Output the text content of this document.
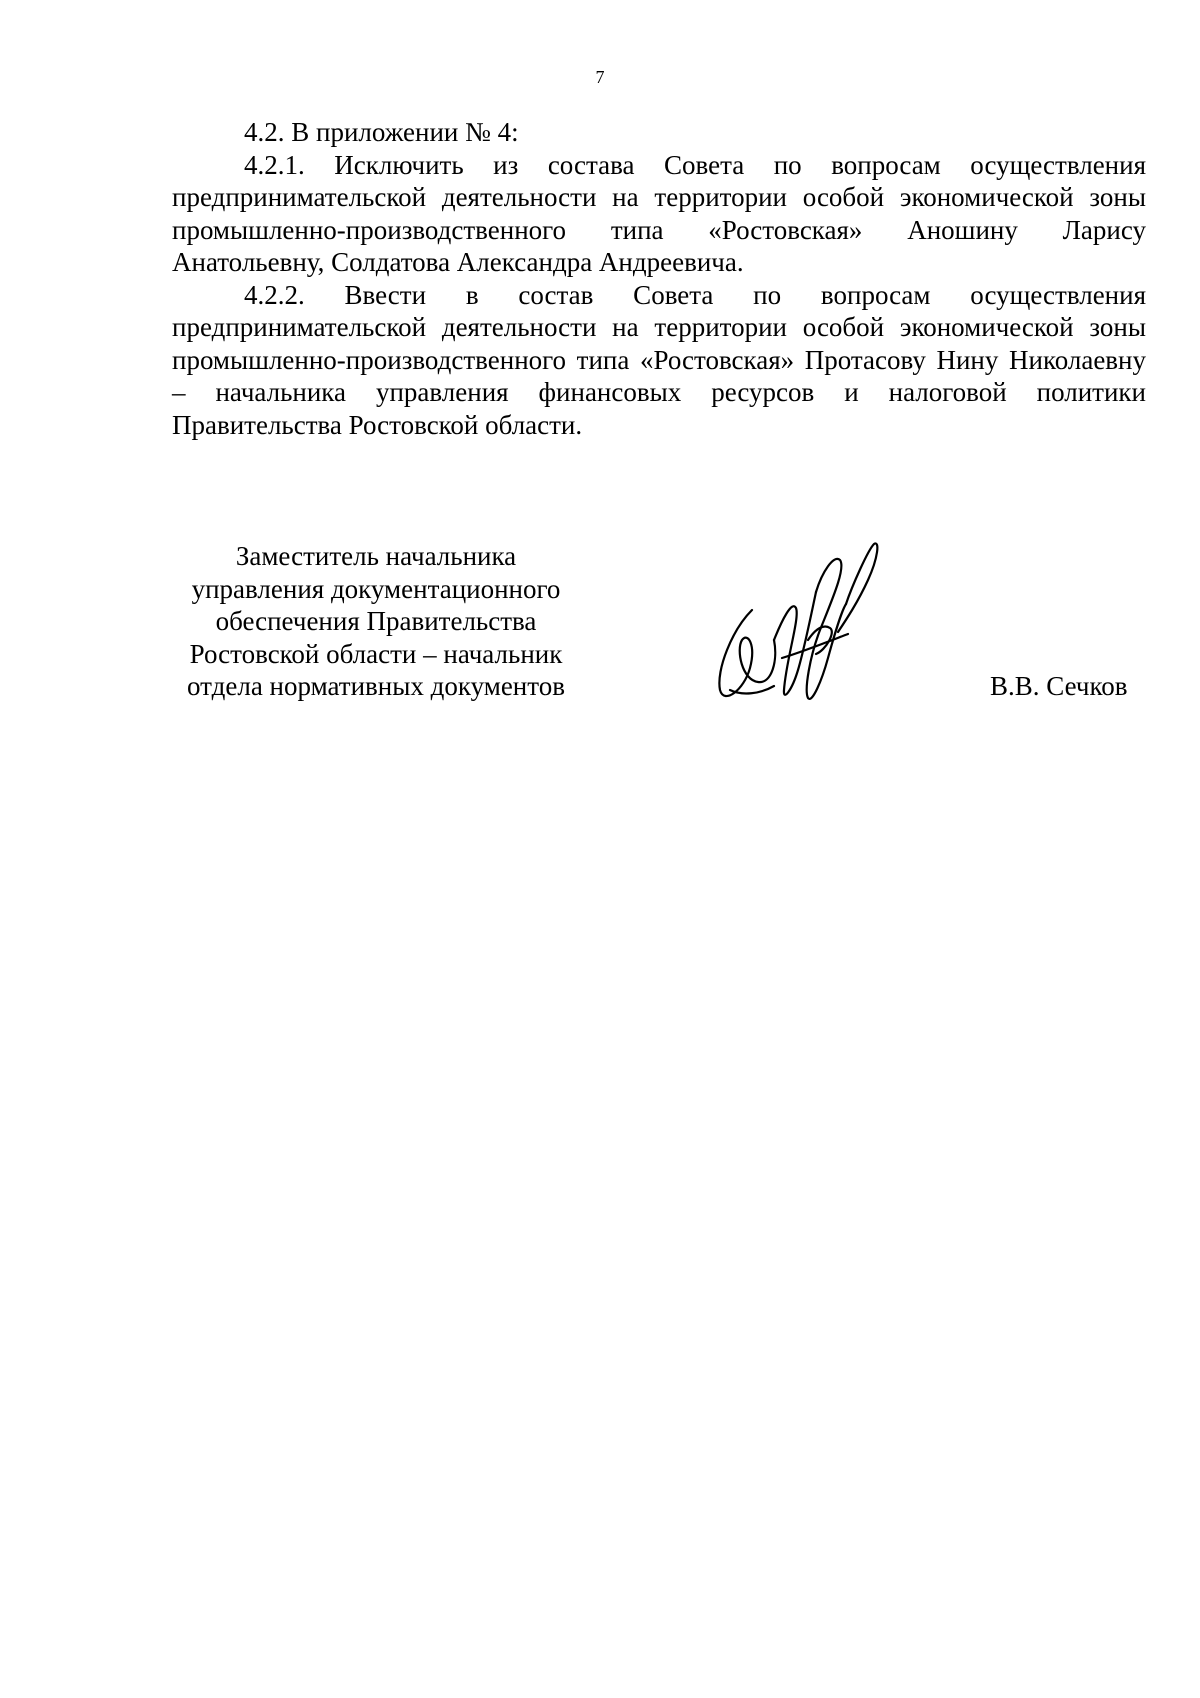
7

4.2. В приложении № 4:

4.2.1. Исключить из состава Совета по вопросам осуществления предпринимательской деятельности на территории особой экономической зоны промышленно-производственного типа «Ростовская» Аношину Ларису Анатольевну, Солдатова Александра Андреевича.

4.2.2. Ввести в состав Совета по вопросам осуществления предпринимательской деятельности на территории особой экономической зоны промышленно-производственного типа «Ростовская» Протасову Нину Николаевну – начальника управления финансовых ресурсов и налоговой политики Правительства Ростовской области.

Заместитель начальника
управления документационного
обеспечения Правительства
Ростовской области – начальник
отдела нормативных документов	В.В. Сечков
